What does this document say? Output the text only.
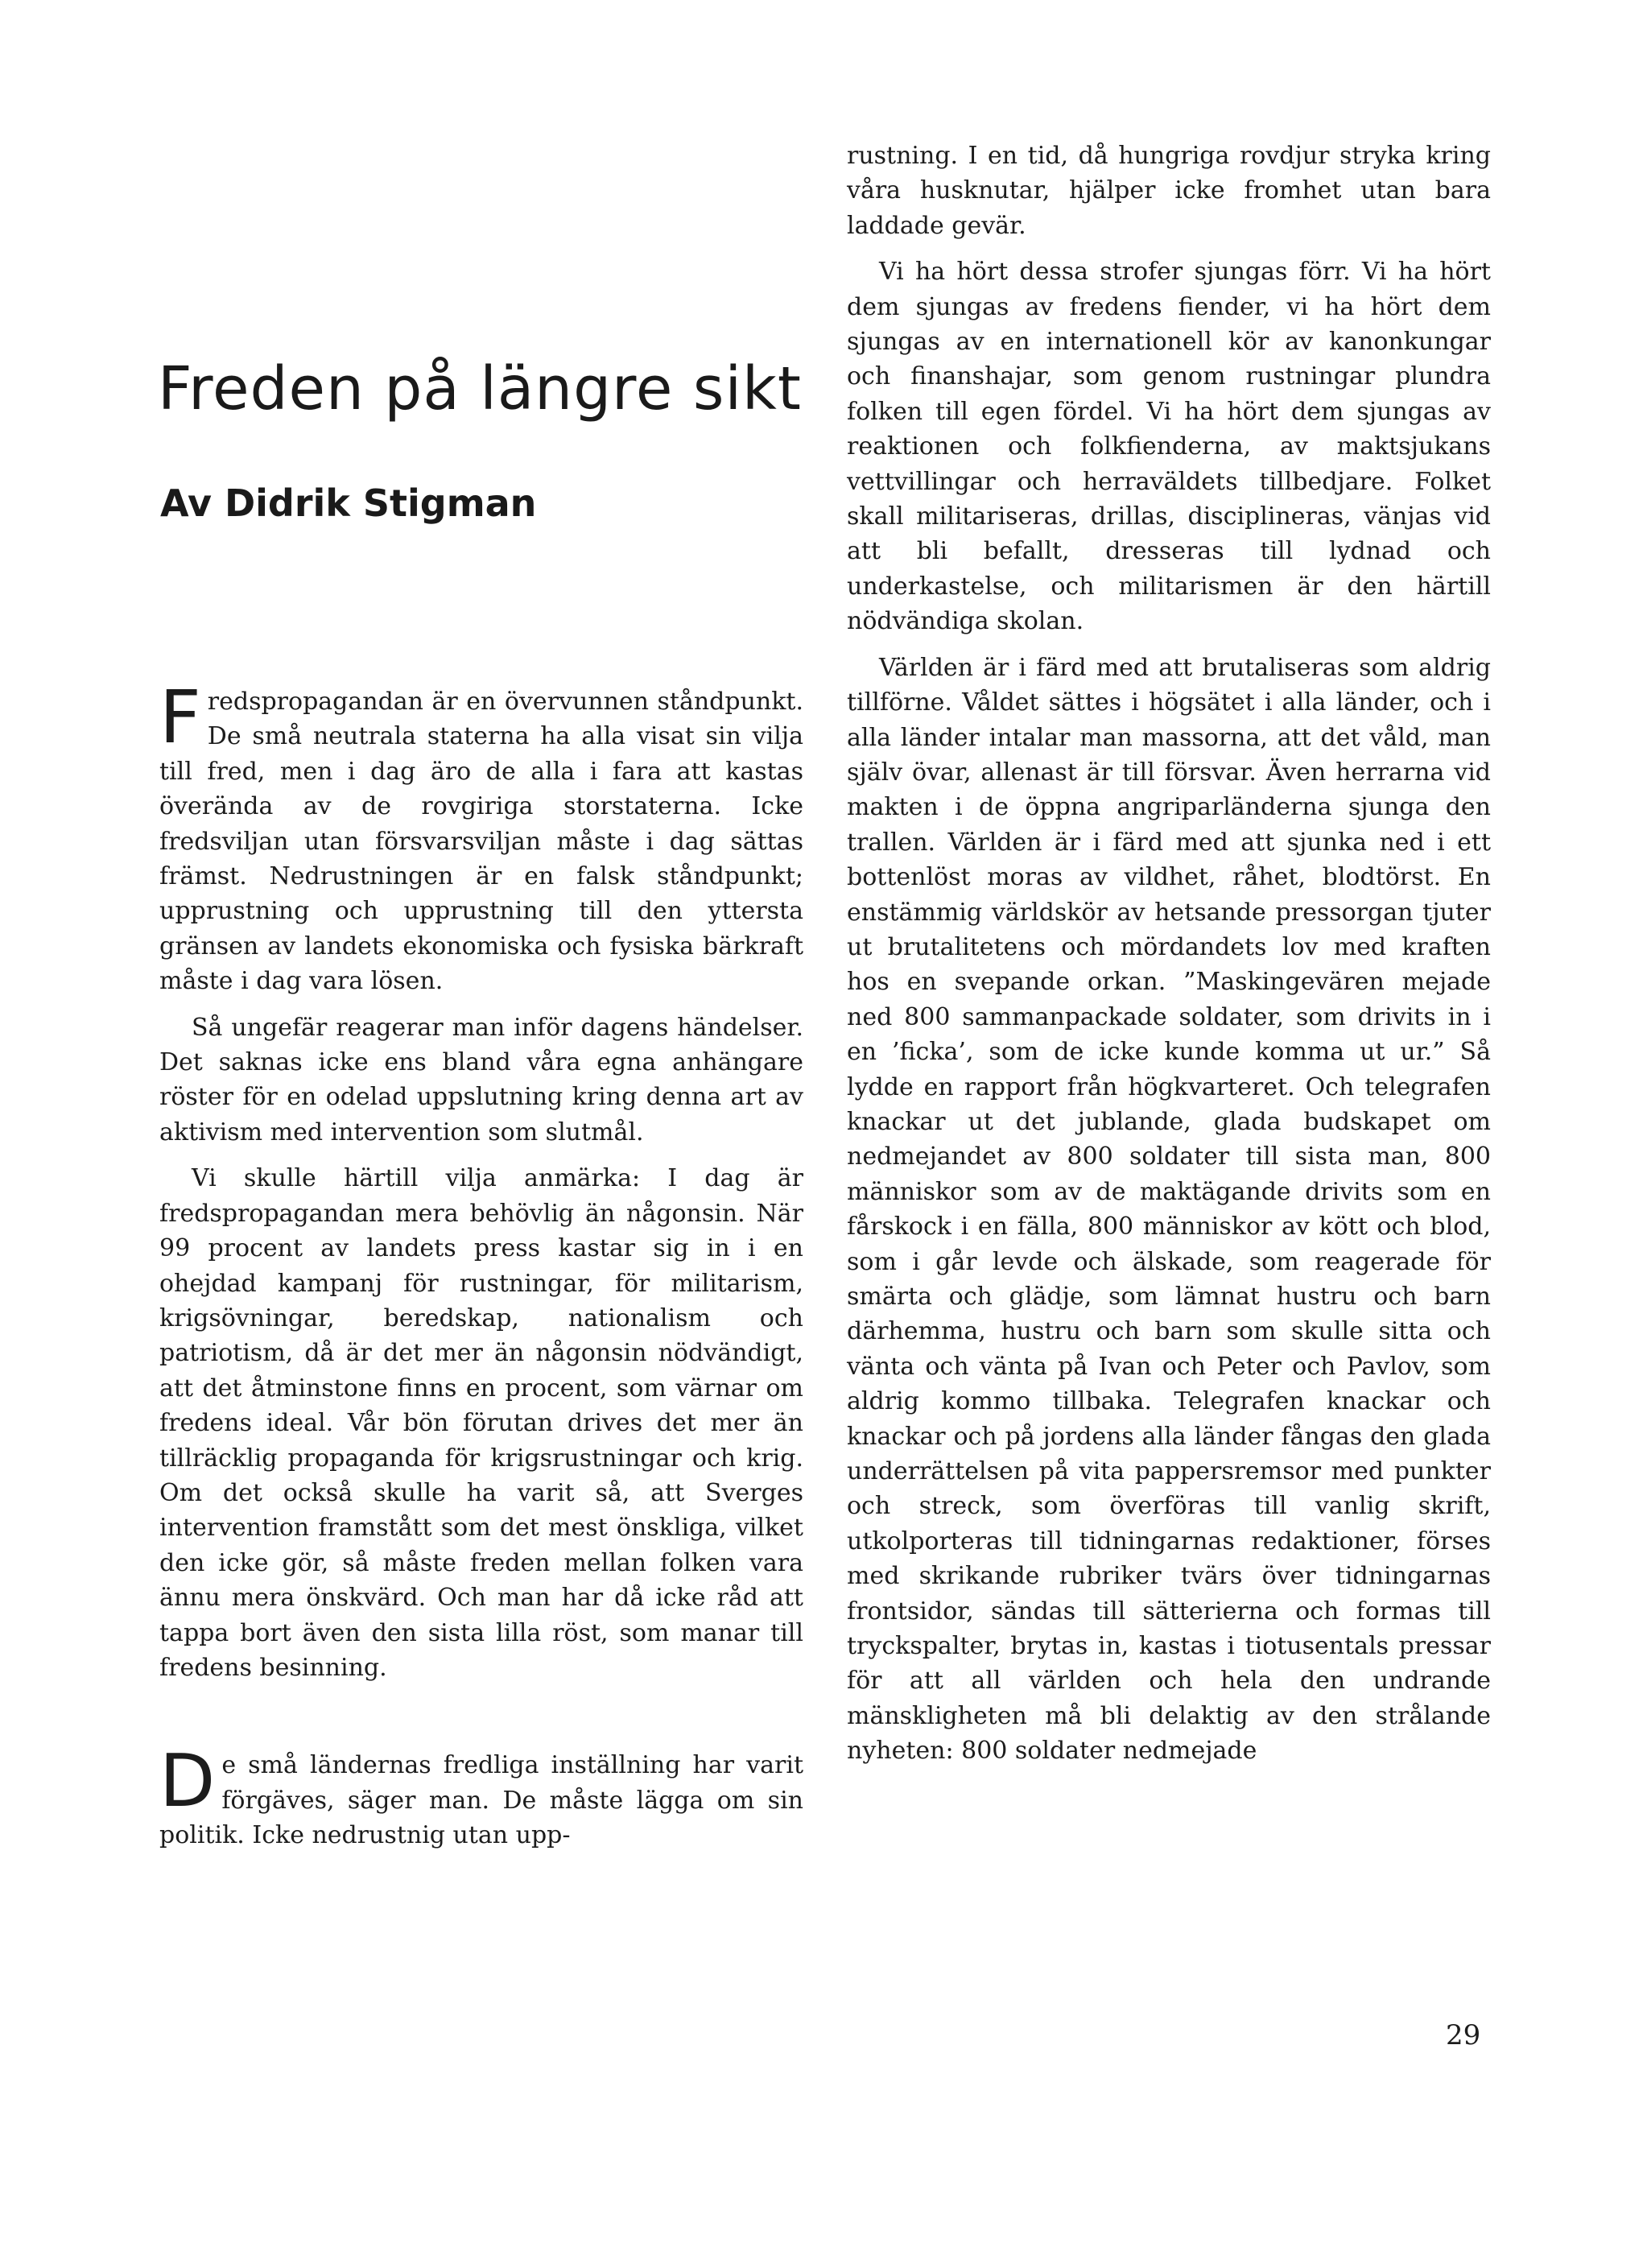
Freden på längre sikt
Av Didrik Stigman

Fredspropagandan är en övervunnen ståndpunkt. De små neutrala staterna ha alla visat sin vilja till fred, men i dag äro de alla i fara att kastas överända av de rovgiriga storstaterna. Icke fredsviljan utan försvarsviljan måste i dag sättas främst. Nedrustningen är en falsk ståndpunkt; upprustning och upprustning till den yttersta gränsen av landets ekonomiska och fysiska bärkraft måste i dag vara lösen.

Så ungefär reagerar man inför dagens händelser. Det saknas icke ens bland våra egna anhängare röster för en odelad uppslutning kring denna art av aktivism med intervention som slutmål.

Vi skulle härtill vilja anmärka: I dag är fredspropagandan mera behövlig än någonsin. När 99 procent av landets press kastar sig in i en ohejdad kampanj för rustningar, för militarism, krigsövningar, beredskap, nationalism och patriotism, då är det mer än någonsin nödvändigt, att det åtminstone finns en procent, som värnar om fredens ideal. Vår bön förutan drives det mer än tillräcklig propaganda för krigsrustningar och krig. Om det också skulle ha varit så, att Sverges intervention framstått som det mest önskliga, vilket den icke gör, så måste freden mellan folken vara ännu mera önskvärd. Och man har då icke råd att tappa bort även den sista lilla röst, som manar till fredens besinning.

De små ländernas fredliga inställning har varit förgäves, säger man. De måste lägga om sin politik. Icke nedrustnig utan upp-

rustning. I en tid, då hungriga rovdjur stryka kring våra husknutar, hjälper icke fromhet utan bara laddade gevär.

Vi ha hört dessa strofer sjungas förr. Vi ha hört dem sjungas av fredens fiender, vi ha hört dem sjungas av en internationell kör av kanonkungar och finanshajar, som genom rustningar plundra folken till egen fördel. Vi ha hört dem sjungas av reaktionen och folkfienderna, av maktsjukans vettvillingar och herraväldets tillbedjare. Folket skall militariseras, drillas, disciplineras, vänjas vid att bli befallt, dresseras till lydnad och underkastelse, och militarismen är den härtill nödvändiga skolan.

Världen är i färd med att brutaliseras som aldrig tillförne. Våldet sättes i högsätet i alla länder, och i alla länder intalar man massorna, att det våld, man själv övar, allenast är till försvar. Även herrarna vid makten i de öppna angriparländerna sjunga den trallen. Världen är i färd med att sjunka ned i ett bottenlöst moras av vildhet, råhet, blodtörst. En enstämmig världskör av hetsande pressorgan tjuter ut brutalitetens och mördandets lov med kraften hos en svepande orkan. ”Maskingevären mejade ned 800 sammanpackade soldater, som drivits in i en ’ficka’, som de icke kunde komma ut ur.” Så lydde en rapport från högkvarteret. Och telegrafen knackar ut det jublande, glada budskapet om nedmejandet av 800 soldater till sista man, 800 människor som av de maktägande drivits som en fårskock i en fälla, 800 människor av kött och blod, som i går levde och älskade, som reagerade för smärta och glädje, som lämnat hustru och barn därhemma, hustru och barn som skulle sitta och vänta och vänta på Ivan och Peter och Pavlov, som aldrig kommo tillbaka. Telegrafen knackar och knackar och på jordens alla länder fångas den glada underrättelsen på vita pappersremsor med punkter och streck, som överföras till vanlig skrift, utkolporteras till tidningarnas redaktioner, förses med skrikande rubriker tvärs över tidningarnas frontsidor, sändas till sätterierna och formas till tryckspalter, brytas in, kastas i tiotusentals pressar för att all världen och hela den undrande mänskligheten må bli delaktig av den strålande nyheten: 800 soldater nedmejade

29
